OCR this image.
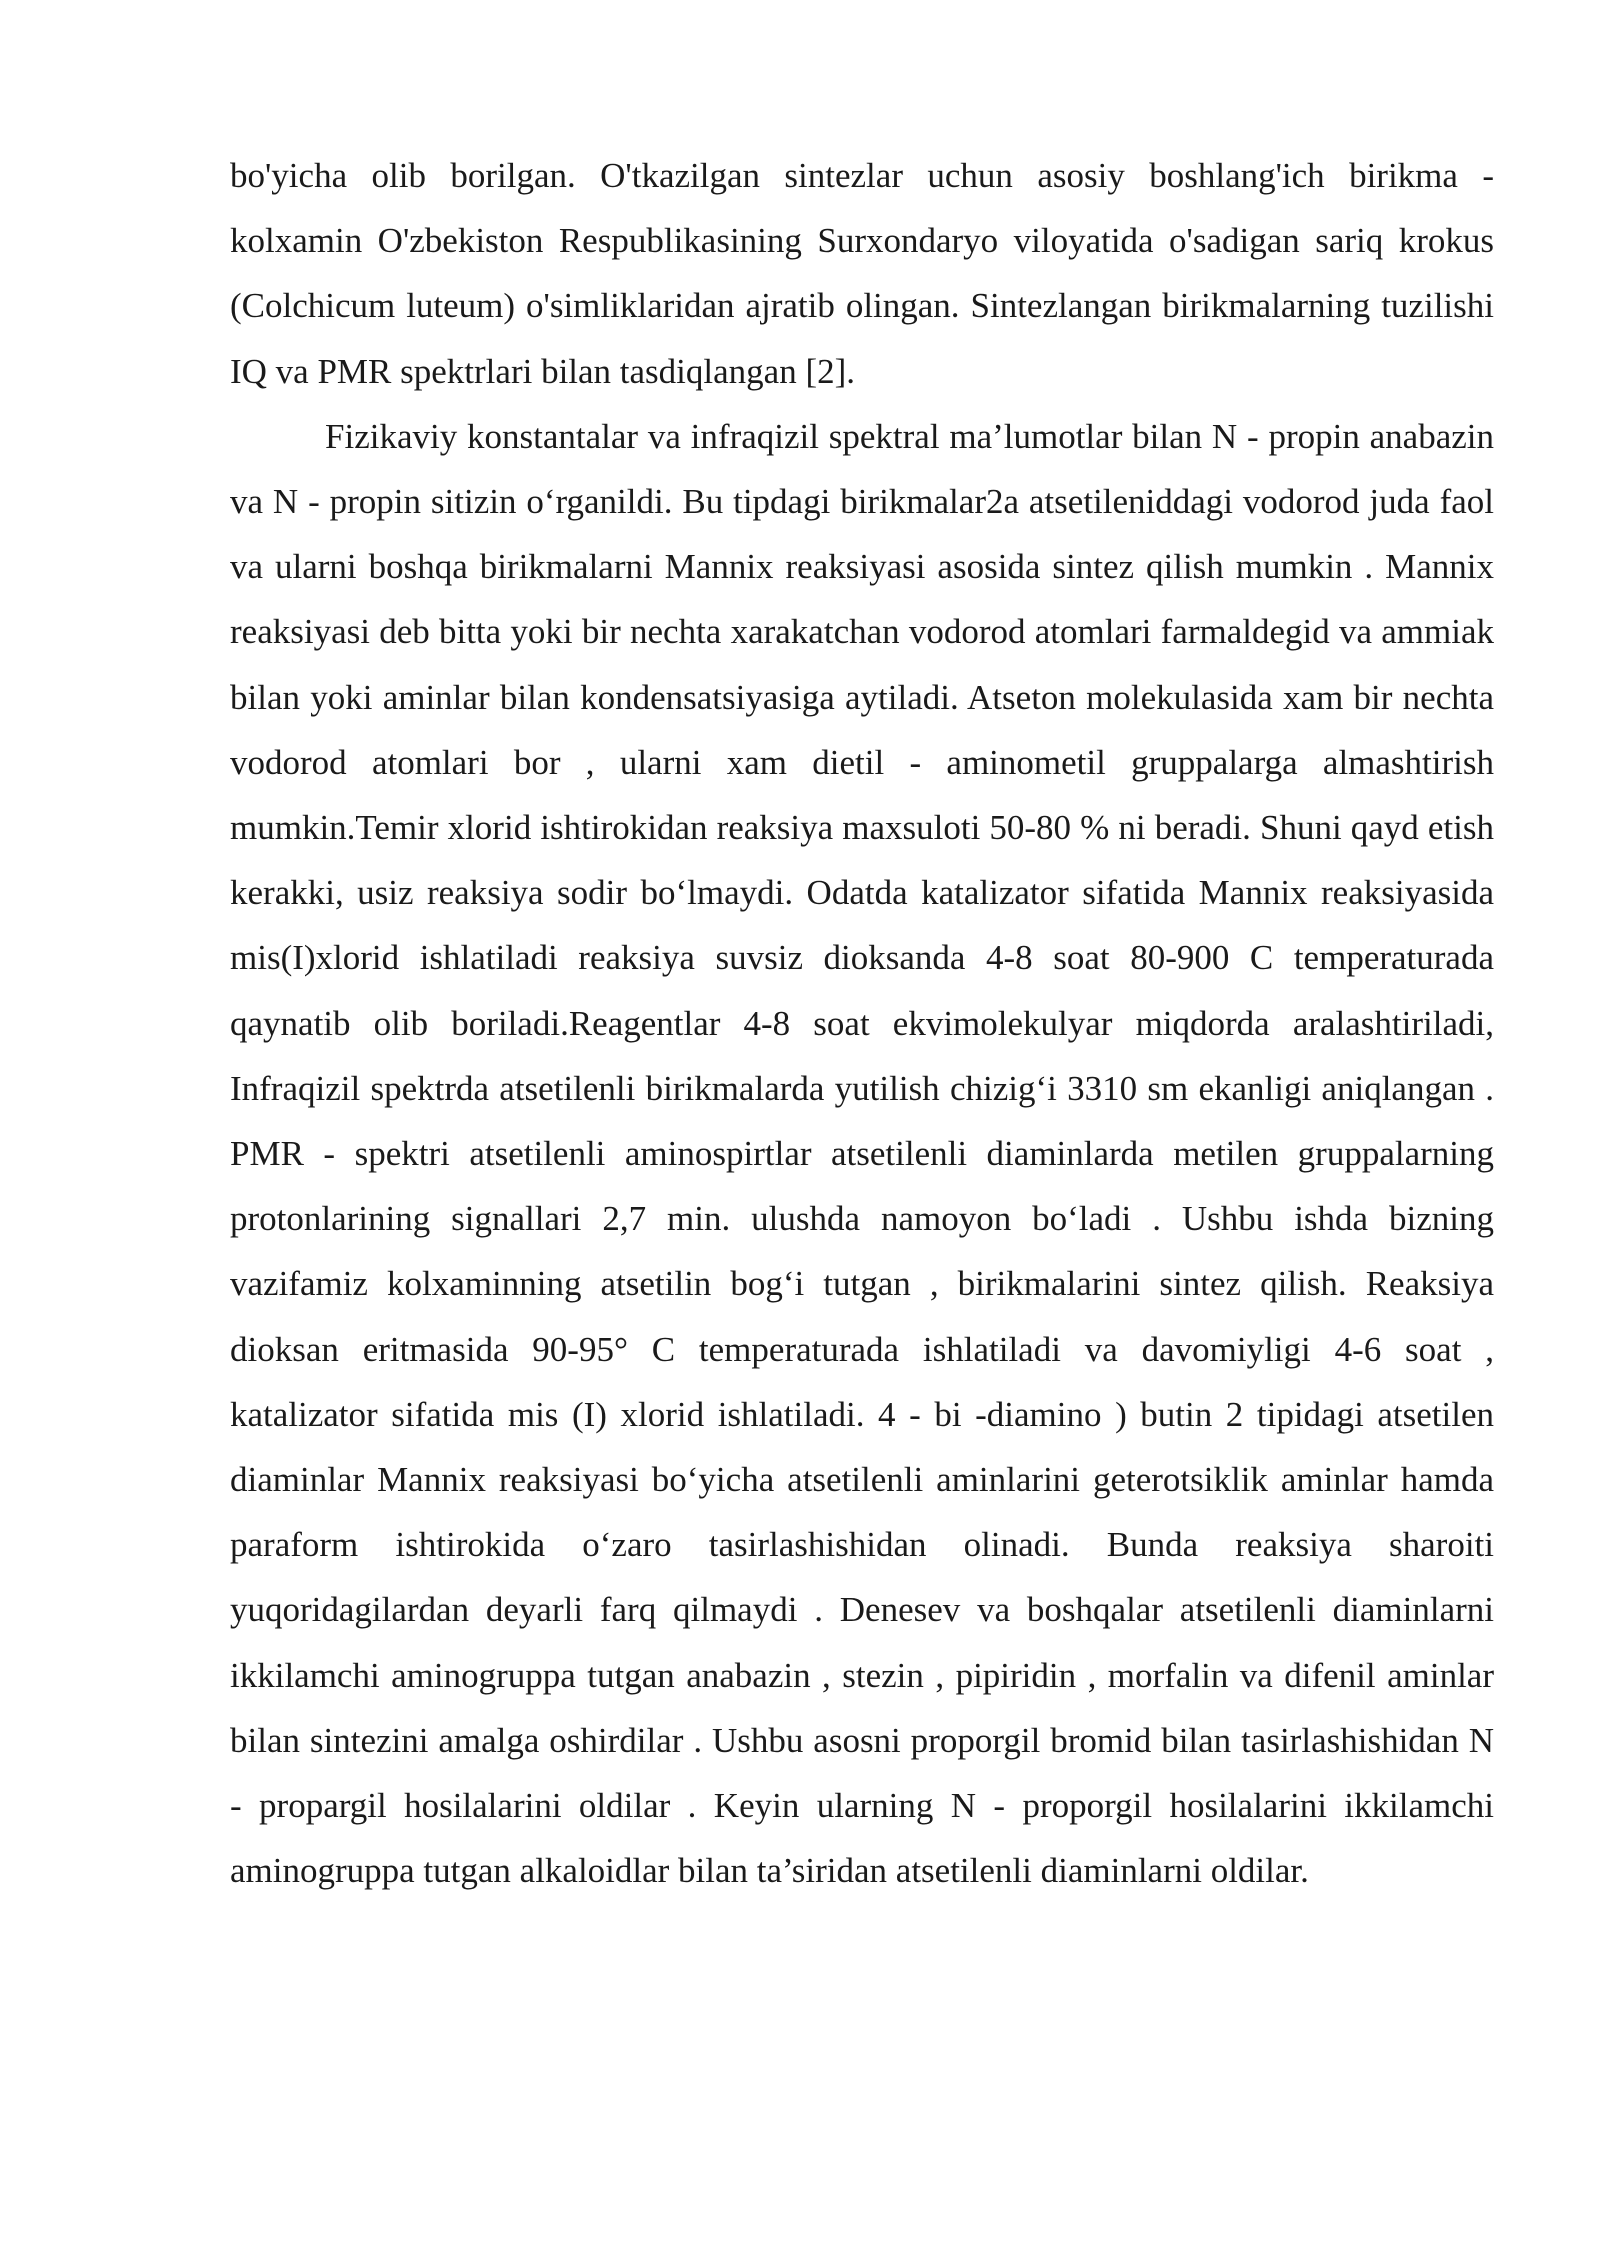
bo'yicha olib borilgan. O'tkazilgan sintezlar uchun asosiy boshlang'ich birikma - kolxamin O'zbekiston Respublikasining Surxondaryo viloyatida o'sadigan sariq krokus (Colchicum luteum) o'simliklaridan ajratib olingan. Sintezlangan birikmalarning tuzilishi IQ va PMR spektrlari bilan tasdiqlangan [2].

Fizikaviy konstantalar va infraqizil spektral ma’lumotlar bilan N - propin anabazin va N - propin sitizin o‘rganildi. Bu tipdagi birikmalar2a atsetileniddagi vodorod juda faol va ularni boshqa birikmalarni Mannix reaksiyasi asosida sintez qilish mumkin . Mannix reaksiyasi deb bitta yoki bir nechta xarakatchan vodorod atomlari farmaldegid va ammiak bilan yoki aminlar bilan kondensatsiyasiga aytiladi. Atseton molekulasida xam bir nechta vodorod atomlari bor , ularni xam dietil - aminometil gruppalarga almashtirish mumkin.Temir xlorid ishtirokidan reaksiya maxsuloti 50-80 % ni beradi. Shuni qayd etish kerakki, usiz reaksiya sodir bo‘lmaydi. Odatda katalizator sifatida Mannix reaksiyasida mis(I)xlorid ishlatiladi reaksiya suvsiz dioksanda 4-8 soat 80-900 C temperaturada qaynatib olib boriladi.Reagentlar 4-8 soat ekvimolekulyar miqdorda aralashtiriladi, Infraqizil spektrda atsetilenli birikmalarda yutilish chizig‘i 3310 sm ekanligi aniqlangan . PMR - spektri atsetilenli aminospirtlar atsetilenli diaminlarda metilen gruppalarning protonlarining signallari 2,7 min. ulushda namoyon bo‘ladi . Ushbu ishda bizning vazifamiz kolxaminning atsetilin bog‘i tutgan , birikmalarini sintez qilish. Reaksiya dioksan eritmasida 90-95° C temperaturada ishlatiladi va davomiyligi 4-6 soat , katalizator sifatida mis (I) xlorid ishlatiladi. 4 - bi -diamino ) butin 2 tipidagi atsetilen diaminlar Mannix reaksiyasi bo‘yicha atsetilenli aminlarini geterotsiklik aminlar hamda paraform ishtirokida o‘zaro tasirlashishidan olinadi. Bunda reaksiya sharoiti yuqoridagilardan deyarli farq qilmaydi . Denesev va boshqalar atsetilenli diaminlarni ikkilamchi aminogruppa tutgan anabazin , stezin , pipiridin , morfalin va difenil aminlar bilan sintezini amalga oshirdilar . Ushbu asosni proporgil bromid bilan tasirlashishidan N - propargil hosilalarini oldilar . Keyin ularning N - proporgil hosilalarini ikkilamchi aminogruppa tutgan alkaloidlar bilan ta’siridan atsetilenli diaminlarni oldilar.
